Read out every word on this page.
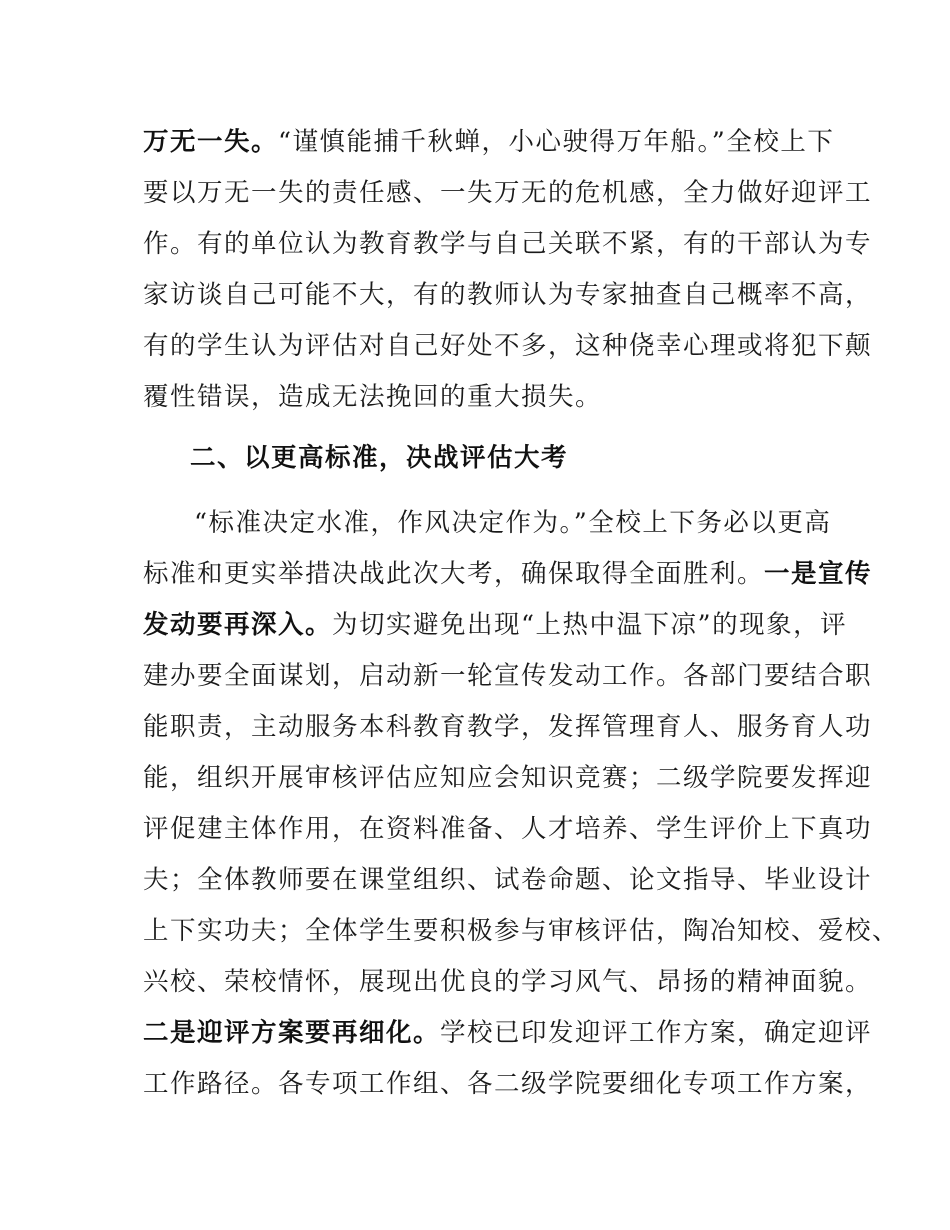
万无一失。“谨慎能捕千秋蝉，小心驶得万年船。”全校上下
要以万无一失的责任感、一失万无的危机感，全力做好迎评工
作。有的单位认为教育教学与自己关联不紧，有的干部认为专
家访谈自己可能不大，有的教师认为专家抽查自己概率不高，
有的学生认为评估对自己好处不多，这种侥幸心理或将犯下颠
覆性错误，造成无法挽回的重大损失。
二、以更高标准，决战评估大考
“标准决定水准，作风决定作为。”全校上下务必以更高
标准和更实举措决战此次大考，确保取得全面胜利。一是宣传
发动要再深入。为切实避免出现“上热中温下凉”的现象，评
建办要全面谋划，启动新一轮宣传发动工作。各部门要结合职
能职责，主动服务本科教育教学，发挥管理育人、服务育人功
能，组织开展审核评估应知应会知识竞赛；二级学院要发挥迎
评促建主体作用，在资料准备、人才培养、学生评价上下真功
夫；全体教师要在课堂组织、试卷命题、论文指导、毕业设计
上下实功夫；全体学生要积极参与审核评估，陶冶知校、爱校、
兴校、荣校情怀，展现出优良的学习风气、昂扬的精神面貌。
二是迎评方案要再细化。学校已印发迎评工作方案，确定迎评
工作路径。各专项工作组、各二级学院要细化专项工作方案，
